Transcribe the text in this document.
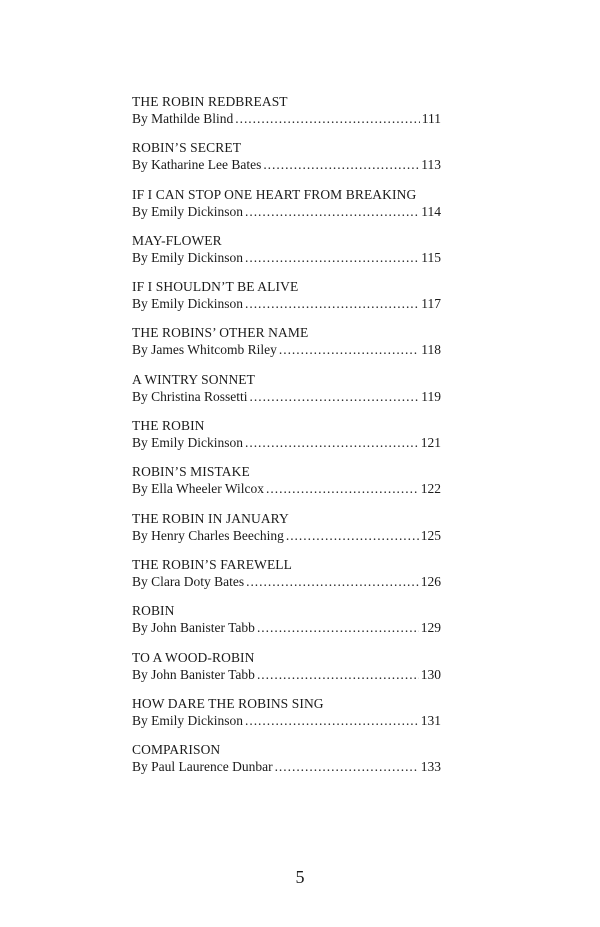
THE ROBIN REDBREAST
By Mathilde Blind . . .	111
ROBIN’S SECRET
By Katharine Lee Bates . . .	113
IF I CAN STOP ONE HEART FROM BREAKING
By Emily Dickinson . . .	114
MAY-FLOWER
By Emily Dickinson . . .	115
IF I SHOULDN’T BE ALIVE
By Emily Dickinson . . .	117
THE ROBINS’ OTHER NAME
By James Whitcomb Riley . . .	118
A WINTRY SONNET
By Christina Rossetti . . .	119
THE ROBIN
By Emily Dickinson . . .	121
ROBIN’S MISTAKE
By Ella Wheeler Wilcox . . .	122
THE ROBIN IN JANUARY
By Henry Charles Beeching . . .	125
THE ROBIN’S FAREWELL
By Clara Doty Bates . . .	126
ROBIN
By John Banister Tabb . . .	129
TO A WOOD-ROBIN
By John Banister Tabb . . .	130
HOW DARE THE ROBINS SING
By Emily Dickinson . . .	131
COMPARISON
By Paul Laurence Dunbar . . .	133
5
